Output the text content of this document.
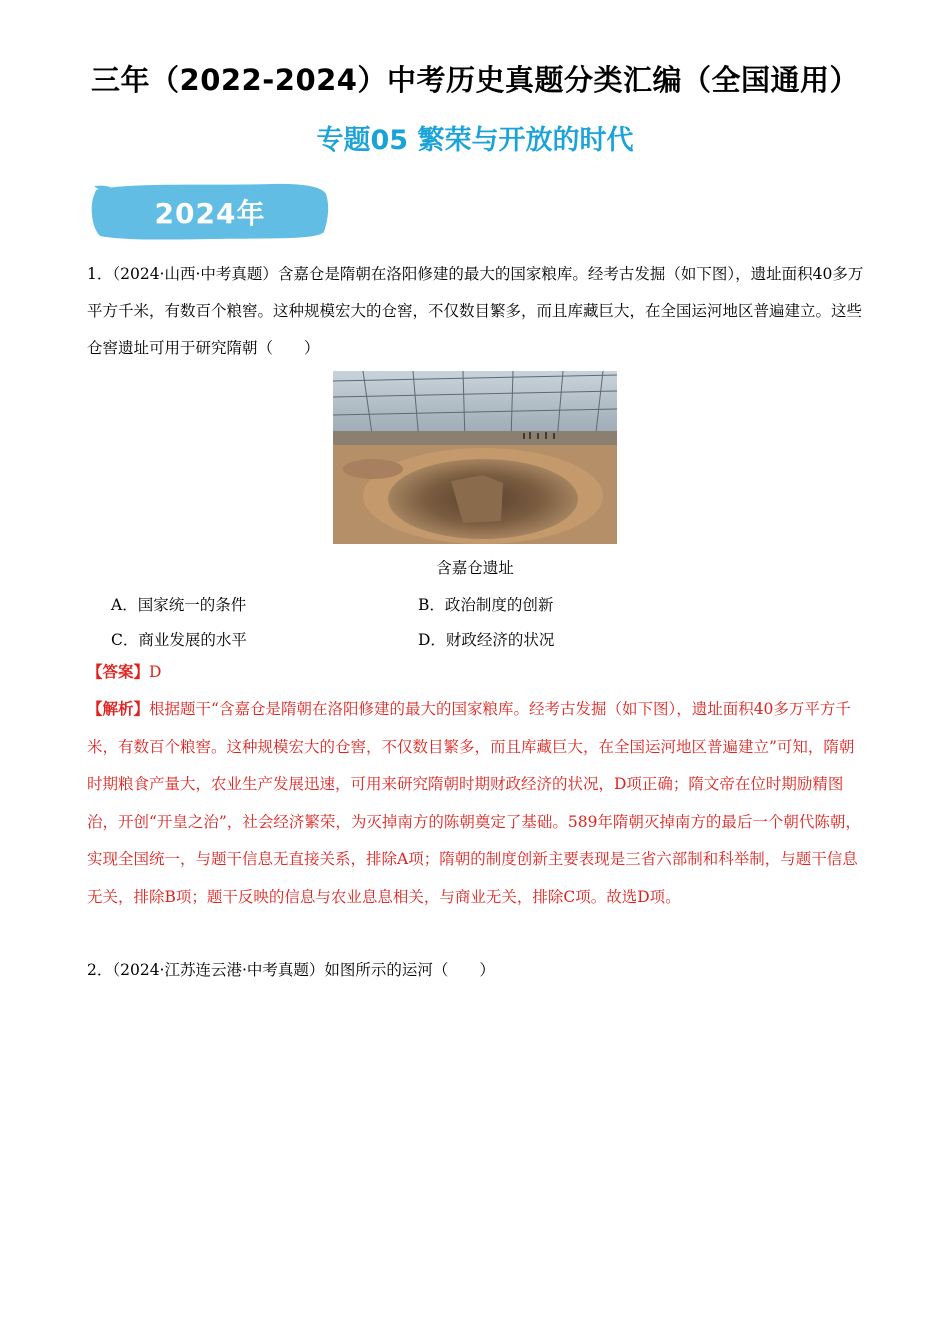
三年（2022-2024）中考历史真题分类汇编（全国通用）
专题05 繁荣与开放的时代
2024年
1．（2024·山西·中考真题）含嘉仓是隋朝在洛阳修建的最大的国家粮库。经考古发掘（如下图），遗址面积40多万平方千米，有数百个粮窖。这种规模宏大的仓窖，不仅数目繁多，而且库藏巨大，在全国运河地区普遍建立。这些仓窖遗址可用于研究隋朝（　　）
含嘉仓遗址
A．国家统一的条件	B．政治制度的创新
C．商业发展的水平	D．财政经济的状况
【答案】D
【解析】根据题干“含嘉仓是隋朝在洛阳修建的最大的国家粮库。经考古发掘（如下图），遗址面积40多万平方千米，有数百个粮窖。这种规模宏大的仓窖，不仅数目繁多，而且库藏巨大，在全国运河地区普遍建立”可知，隋朝时期粮食产量大，农业生产发展迅速，可用来研究隋朝时期财政经济的状况，D项正确；隋文帝在位时期励精图治，开创“开皇之治”，社会经济繁荣，为灭掉南方的陈朝奠定了基础。589年隋朝灭掉南方的最后一个朝代陈朝，实现全国统一，与题干信息无直接关系，排除A项；隋朝的制度创新主要表现是三省六部制和科举制，与题干信息无关，排除B项；题干反映的信息与农业息息相关，与商业无关，排除C项。故选D项。
2．（2024·江苏连云港·中考真题）如图所示的运河（　　）
